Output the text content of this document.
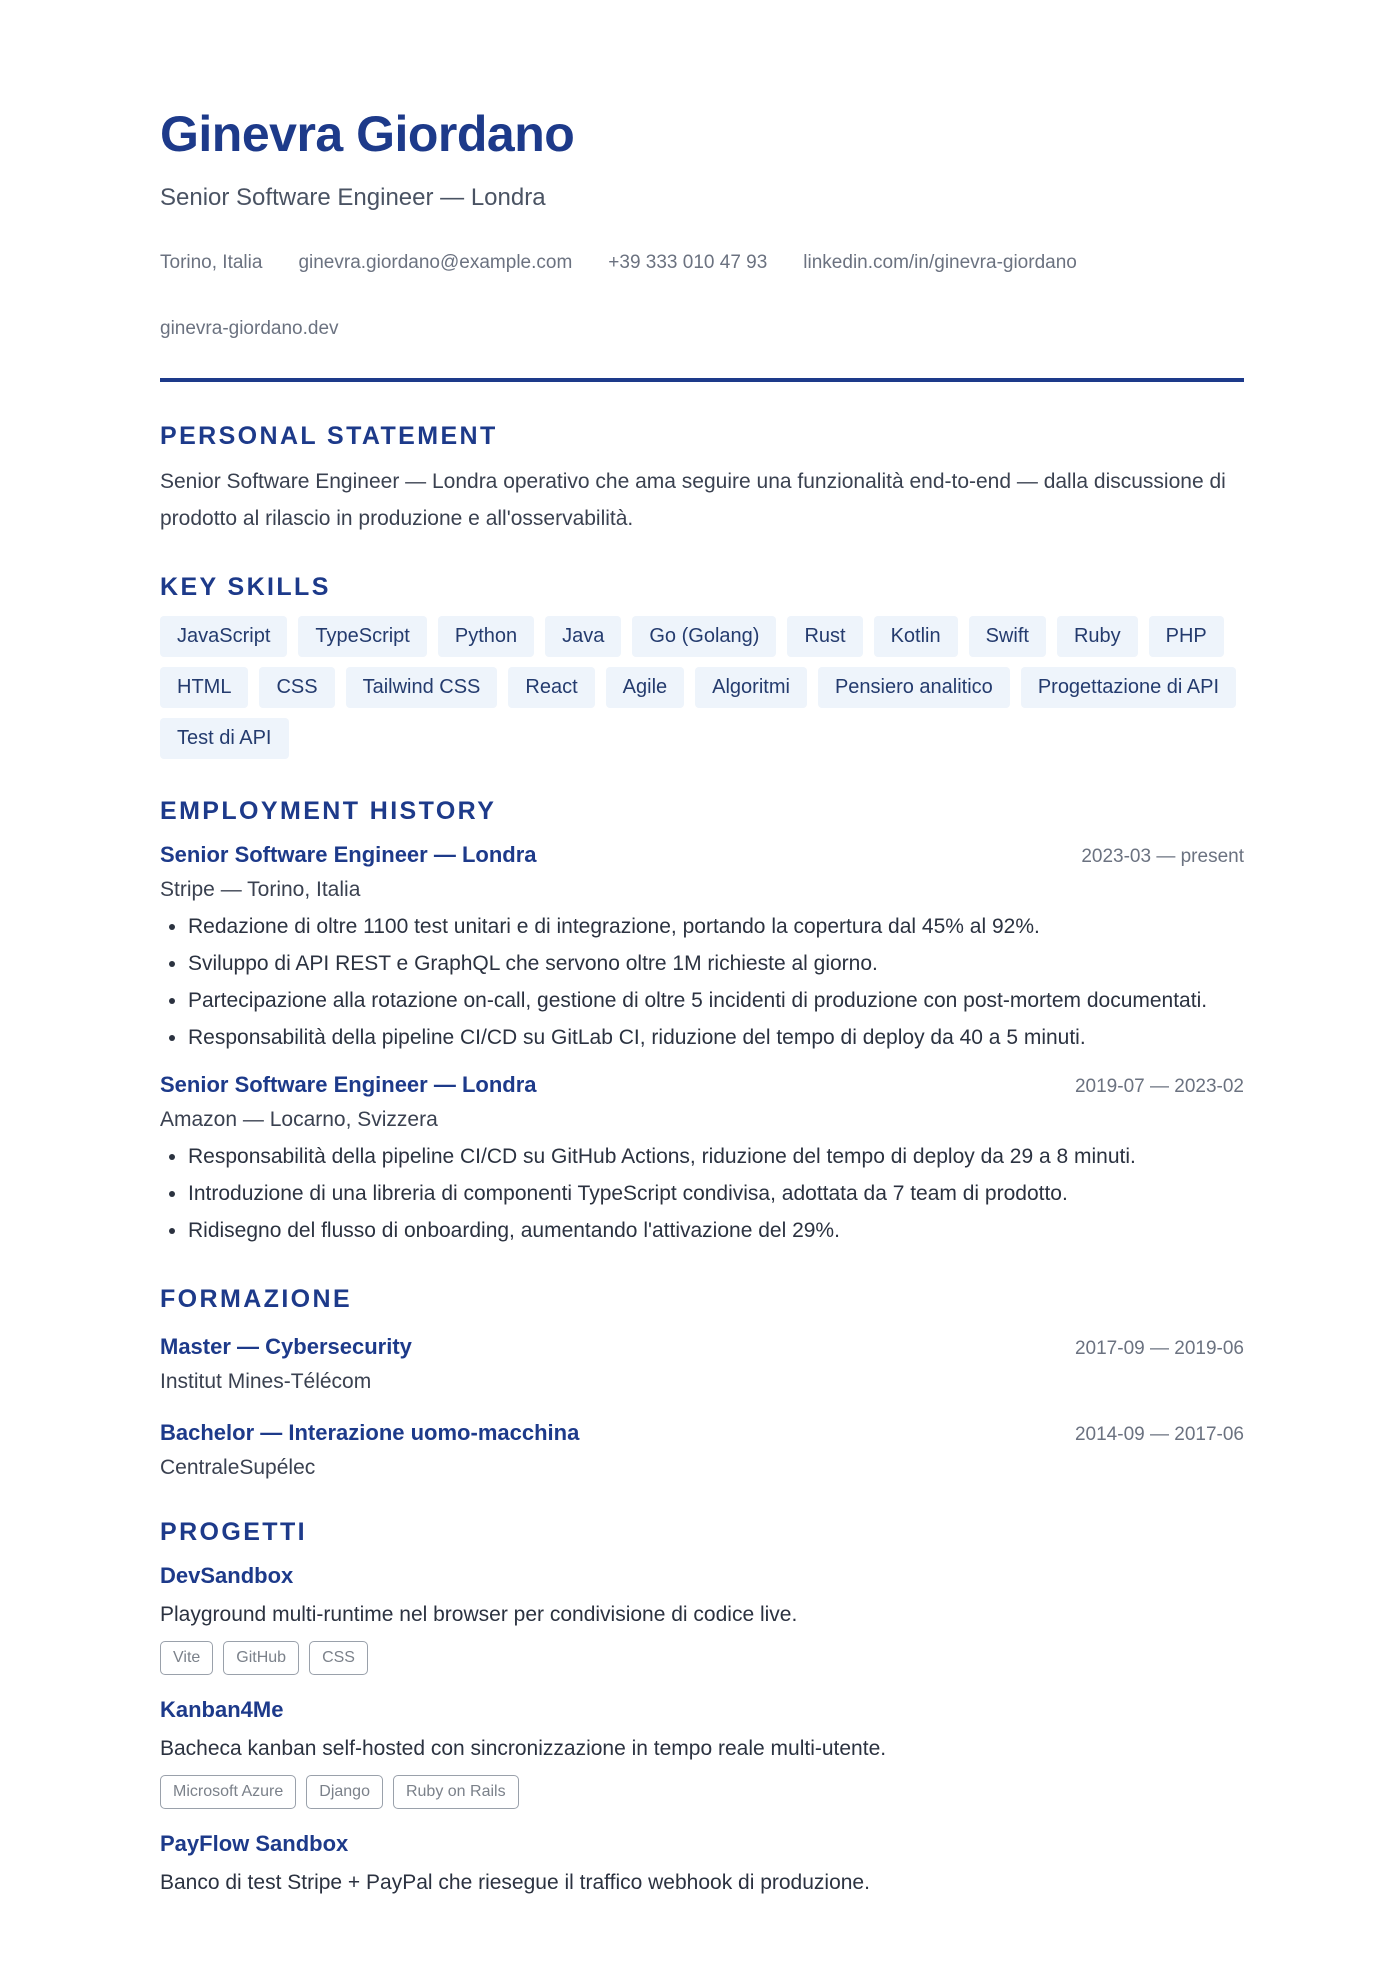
Ginevra Giordano
Senior Software Engineer — Londra
Torino, Italia ginevra.giordano@example.com +39 333 010 47 93 linkedin.com/in/ginevra-giordano
ginevra-giordano.dev
PERSONAL STATEMENT
Senior Software Engineer — Londra operativo che ama seguire una funzionalità end-to-end — dalla discussione di prodotto al rilascio in produzione e all'osservabilità.
KEY SKILLS
JavaScript	TypeScript	Python	Java	Go (Golang)	Rust	Kotlin	Swift	Ruby	PHP
HTML	CSS	Tailwind CSS	React	Agile	Algoritmi	Pensiero analitico	Progettazione di API
Test di API
EMPLOYMENT HISTORY
Senior Software Engineer — Londra	2023-03 — present
Stripe — Torino, Italia
• Redazione di oltre 1100 test unitari e di integrazione, portando la copertura dal 45% al 92%.
• Sviluppo di API REST e GraphQL che servono oltre 1M richieste al giorno.
• Partecipazione alla rotazione on-call, gestione di oltre 5 incidenti di produzione con post-mortem documentati.
• Responsabilità della pipeline CI/CD su GitLab CI, riduzione del tempo di deploy da 40 a 5 minuti.
Senior Software Engineer — Londra	2019-07 — 2023-02
Amazon — Locarno, Svizzera
• Responsabilità della pipeline CI/CD su GitHub Actions, riduzione del tempo di deploy da 29 a 8 minuti.
• Introduzione di una libreria di componenti TypeScript condivisa, adottata da 7 team di prodotto.
• Ridisegno del flusso di onboarding, aumentando l'attivazione del 29%.
FORMAZIONE
Master — Cybersecurity	2017-09 — 2019-06
Institut Mines-Télécom
Bachelor — Interazione uomo-macchina	2014-09 — 2017-06
CentraleSupélec
PROGETTI
DevSandbox
Playground multi-runtime nel browser per condivisione di codice live.
Vite	GitHub	CSS
Kanban4Me
Bacheca kanban self-hosted con sincronizzazione in tempo reale multi-utente.
Microsoft Azure	Django	Ruby on Rails
PayFlow Sandbox
Banco di test Stripe + PayPal che riesegue il traffico webhook di produzione.
